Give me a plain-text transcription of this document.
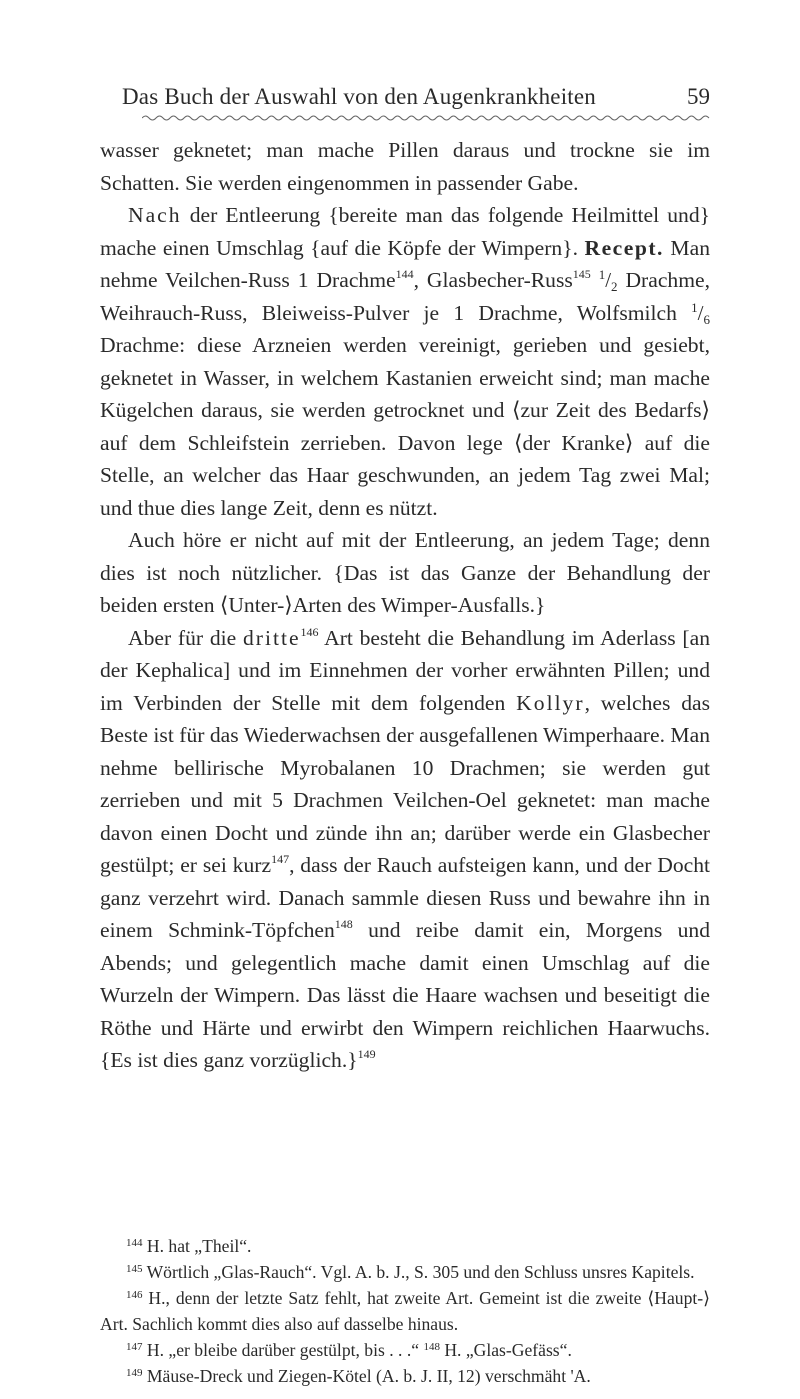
Das Buch der Auswahl von den Augenkrankheiten	59

wasser geknetet; man mache Pillen daraus und trockne sie im Schatten. Sie werden eingenommen in passender Gabe.

Nach der Entleerung {bereite man das folgende Heilmittel und} mache einen Umschlag {auf die Köpfe der Wimpern}. Recept. Man nehme Veilchen-Russ 1 Drachme$^{144}$, Glasbecher-Russ$^{145}$ $^1/_2$ Drachme, Weihrauch-Russ, Bleiweiss-Pulver je 1 Drachme, Wolfsmilch $^1/_6$ Drachme: diese Arzneien werden vereinigt, gerieben und gesiebt, geknetet in Wasser, in welchem Kastanien erweicht sind; man mache Kügelchen daraus, sie werden getrocknet und ⟨zur Zeit des Bedarfs⟩ auf dem Schleifstein zerrieben. Davon lege ⟨der Kranke⟩ auf die Stelle, an welcher das Haar geschwunden, an jedem Tag zwei Mal; und thue dies lange Zeit, denn es nützt.

Auch höre er nicht auf mit der Entleerung, an jedem Tage; denn dies ist noch nützlicher. {Das ist das Ganze der Behandlung der beiden ersten ⟨Unter-⟩Arten des Wimper-Ausfalls.}

Aber für die dritte$^{146}$ Art besteht die Behandlung im Aderlass [an der Kephalica] und im Einnehmen der vorher erwähnten Pillen; und im Verbinden der Stelle mit dem folgenden Kollyr, welches das Beste ist für das Wiederwachsen der ausgefallenen Wimperhaare. Man nehme bellirische Myrobalanen 10 Drachmen; sie werden gut zerrieben und mit 5 Drachmen Veilchen-Oel geknetet: man mache davon einen Docht und zünde ihn an; darüber werde ein Glasbecher gestülpt; er sei kurz$^{147}$, dass der Rauch aufsteigen kann, und der Docht ganz verzehrt wird. Danach sammle diesen Russ und bewahre ihn in einem Schmink-Töpfchen$^{148}$ und reibe damit ein, Morgens und Abends; und gelegentlich mache damit einen Umschlag auf die Wurzeln der Wimpern. Das lässt die Haare wachsen und beseitigt die Röthe und Härte und erwirbt den Wimpern reichlichen Haarwuchs. {Es ist dies ganz vorzüglich.}$^{149}$

$^{144}$ H. hat „Theil“.

$^{145}$ Wörtlich „Glas-Rauch“. Vgl. A. b. J., S. 305 und den Schluss unsres Kapitels.

$^{146}$ H., denn der letzte Satz fehlt, hat zweite Art. Gemeint ist die zweite ⟨Haupt-⟩Art. Sachlich kommt dies also auf dasselbe hinaus.

$^{147}$ H. „er bleibe darüber gestülpt, bis . . .“ $^{148}$ H. „Glas-Gefäss“.

$^{149}$ Mäuse-Dreck und Ziegen-Kötel (A. b. J. II, 12) verschmäht 'A.
